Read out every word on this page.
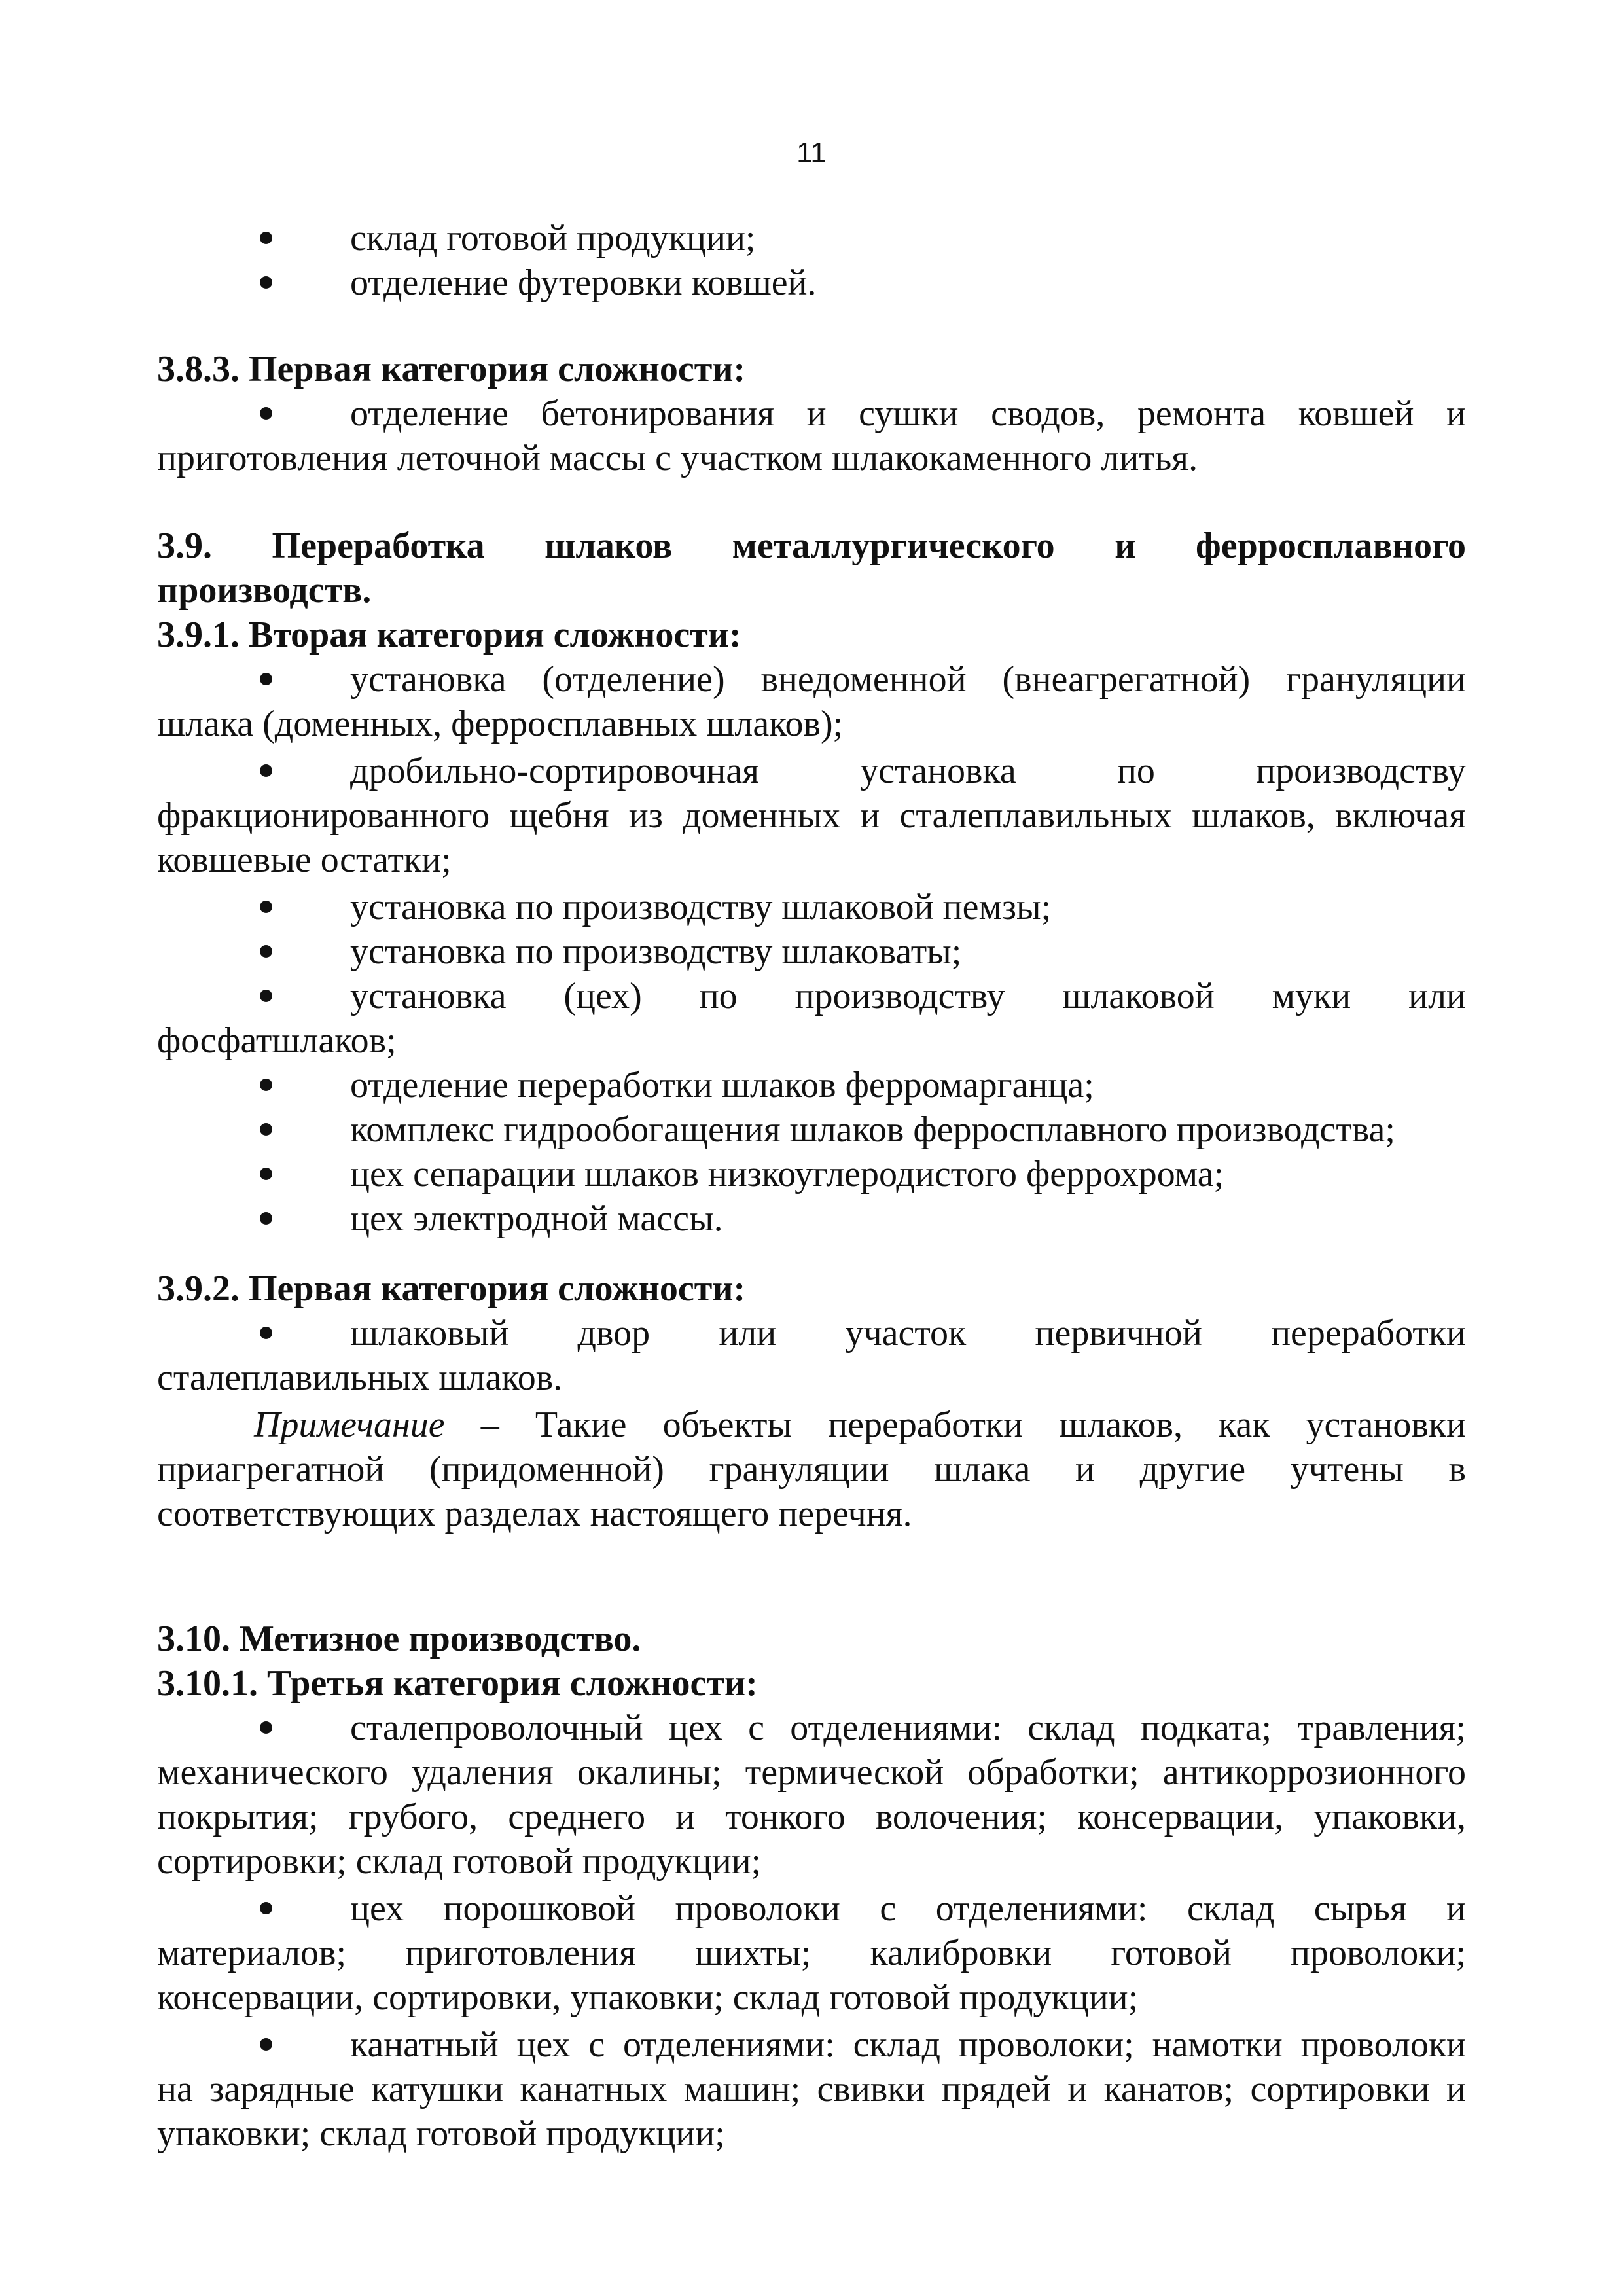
11
склад готовой продукции;
отделение футеровки ковшей.
3.8.3. Первая категория сложности:
отделение бетонирования и сушки сводов, ремонта ковшей и
приготовления леточной массы с участком шлакокаменного литья.
3.9. Переработка шлаков металлургического и ферросплавного
производств.
3.9.1. Вторая категория сложности:
установка (отделение) внедоменной (внеагрегатной) грануляции
шлака (доменных, ферросплавных шлаков);
дробильно-сортировочная установка по производству
фракционированного щебня из доменных и сталеплавильных шлаков, включая
ковшевые остатки;
установка по производству шлаковой пемзы;
установка по производству шлаковаты;
установка (цех) по производству шлаковой муки или
фосфатшлаков;
отделение переработки шлаков ферромарганца;
комплекс гидрообогащения шлаков ферросплавного производства;
цех сепарации шлаков низкоуглеродистого феррохрома;
цех электродной массы.
3.9.2. Первая категория сложности:
шлаковый двор или участок первичной переработки
сталеплавильных шлаков.
Примечание – Такие объекты переработки шлаков, как установки
приагрегатной (придоменной) грануляции шлака и другие учтены в
соответствующих разделах настоящего перечня.
3.10. Метизное производство.
3.10.1. Третья категория сложности:
сталепроволочный цех с отделениями: склад подката; травления;
механического удаления окалины; термической обработки; антикоррозионного
покрытия; грубого, среднего и тонкого волочения; консервации, упаковки,
сортировки; склад готовой продукции;
цех порошковой проволоки с отделениями: склад сырья и
материалов; приготовления шихты; калибровки готовой проволоки;
консервации, сортировки, упаковки; склад готовой продукции;
канатный цех с отделениями: склад проволоки; намотки проволоки
на зарядные катушки канатных машин; свивки прядей и канатов; сортировки и
упаковки; склад готовой продукции;
